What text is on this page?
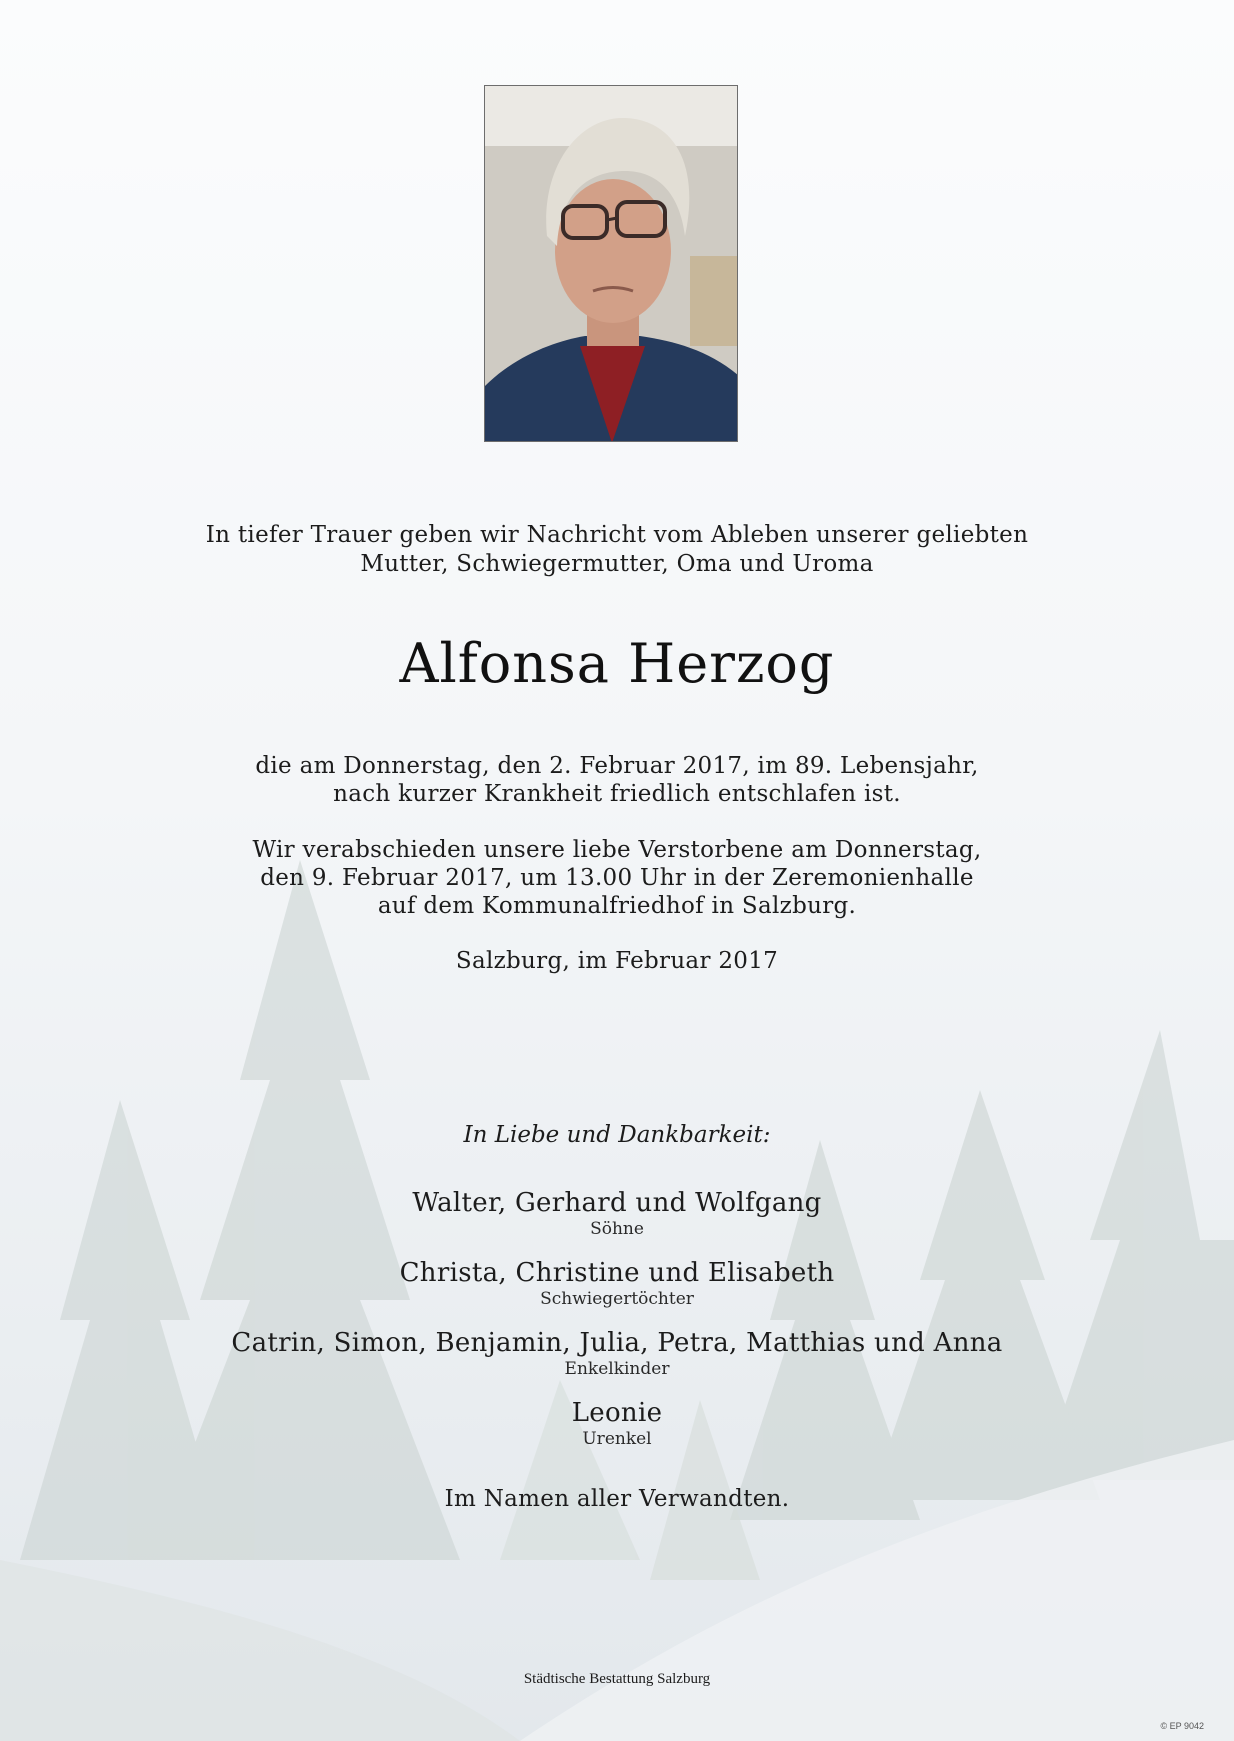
In tiefer Trauer geben wir Nachricht vom Ableben unserer geliebten
Mutter, Schwiegermutter, Oma und Uroma
Alfonsa Herzog
die am Donnerstag, den 2. Februar 2017, im 89. Lebensjahr,
nach kurzer Krankheit friedlich entschlafen ist.
Wir verabschieden unsere liebe Verstorbene am Donnerstag,
den 9. Februar 2017, um 13.00 Uhr in der Zeremonienhalle
auf dem Kommunalfriedhof in Salzburg.
Salzburg, im Februar 2017
In Liebe und Dankbarkeit:
Walter, Gerhard und Wolfgang
Söhne
Christa, Christine und Elisabeth
Schwiegertöchter
Catrin, Simon, Benjamin, Julia, Petra, Matthias und Anna
Enkelkinder
Leonie
Urenkel
Im Namen aller Verwandten.
Städtische Bestattung Salzburg
© EP 9042
